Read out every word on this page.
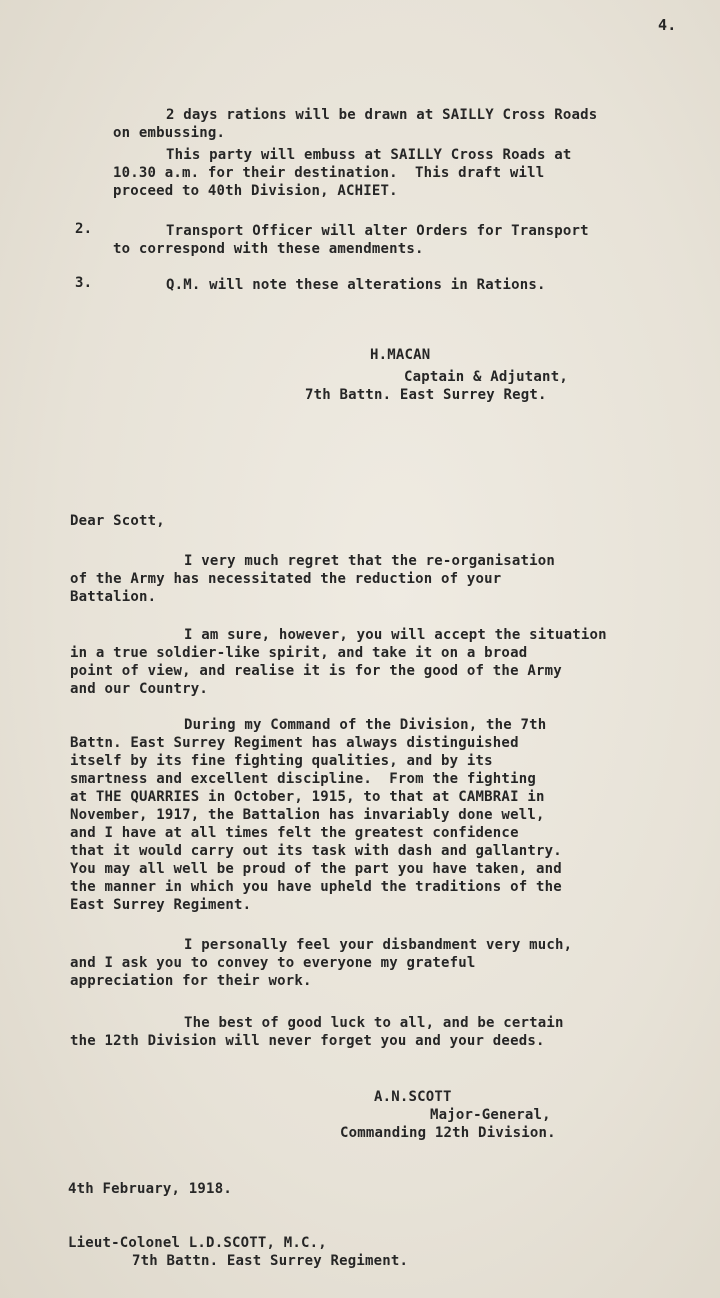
4.
2 days rations will be drawn at SAILLY Cross Roads
on embussing.
This party will embuss at SAILLY Cross Roads at
10.30 a.m. for their destination.  This draft will
proceed to 40th Division, ACHIET.
2.	Transport Officer will alter Orders for Transport
to correspond with these amendments.
3.	Q.M. will note these alterations in Rations.
H.MACAN
Captain & Adjutant,
7th Battn. East Surrey Regt.
Dear Scott,
I very much regret that the re-organisation
of the Army has necessitated the reduction of your
Battalion.
I am sure, however, you will accept the situation
in a true soldier-like spirit, and take it on a broad
point of view, and realise it is for the good of the Army
and our Country.
During my Command of the Division, the 7th
Battn. East Surrey Regiment has always distinguished
itself by its fine fighting qualities, and by its
smartness and excellent discipline.  From the fighting
at THE QUARRIES in October, 1915, to that at CAMBRAI in
November, 1917, the Battalion has invariably done well,
and I have at all times felt the greatest confidence
that it would carry out its task with dash and gallantry.
You may all well be proud of the part you have taken, and
the manner in which you have upheld the traditions of the
East Surrey Regiment.
I personally feel your disbandment very much,
and I ask you to convey to everyone my grateful
appreciation for their work.
The best of good luck to all, and be certain
the 12th Division will never forget you and your deeds.
A.N.SCOTT
Major-General,
Commanding 12th Division.
4th February, 1918.
Lieut-Colonel L.D.SCOTT, M.C.,
7th Battn. East Surrey Regiment.
